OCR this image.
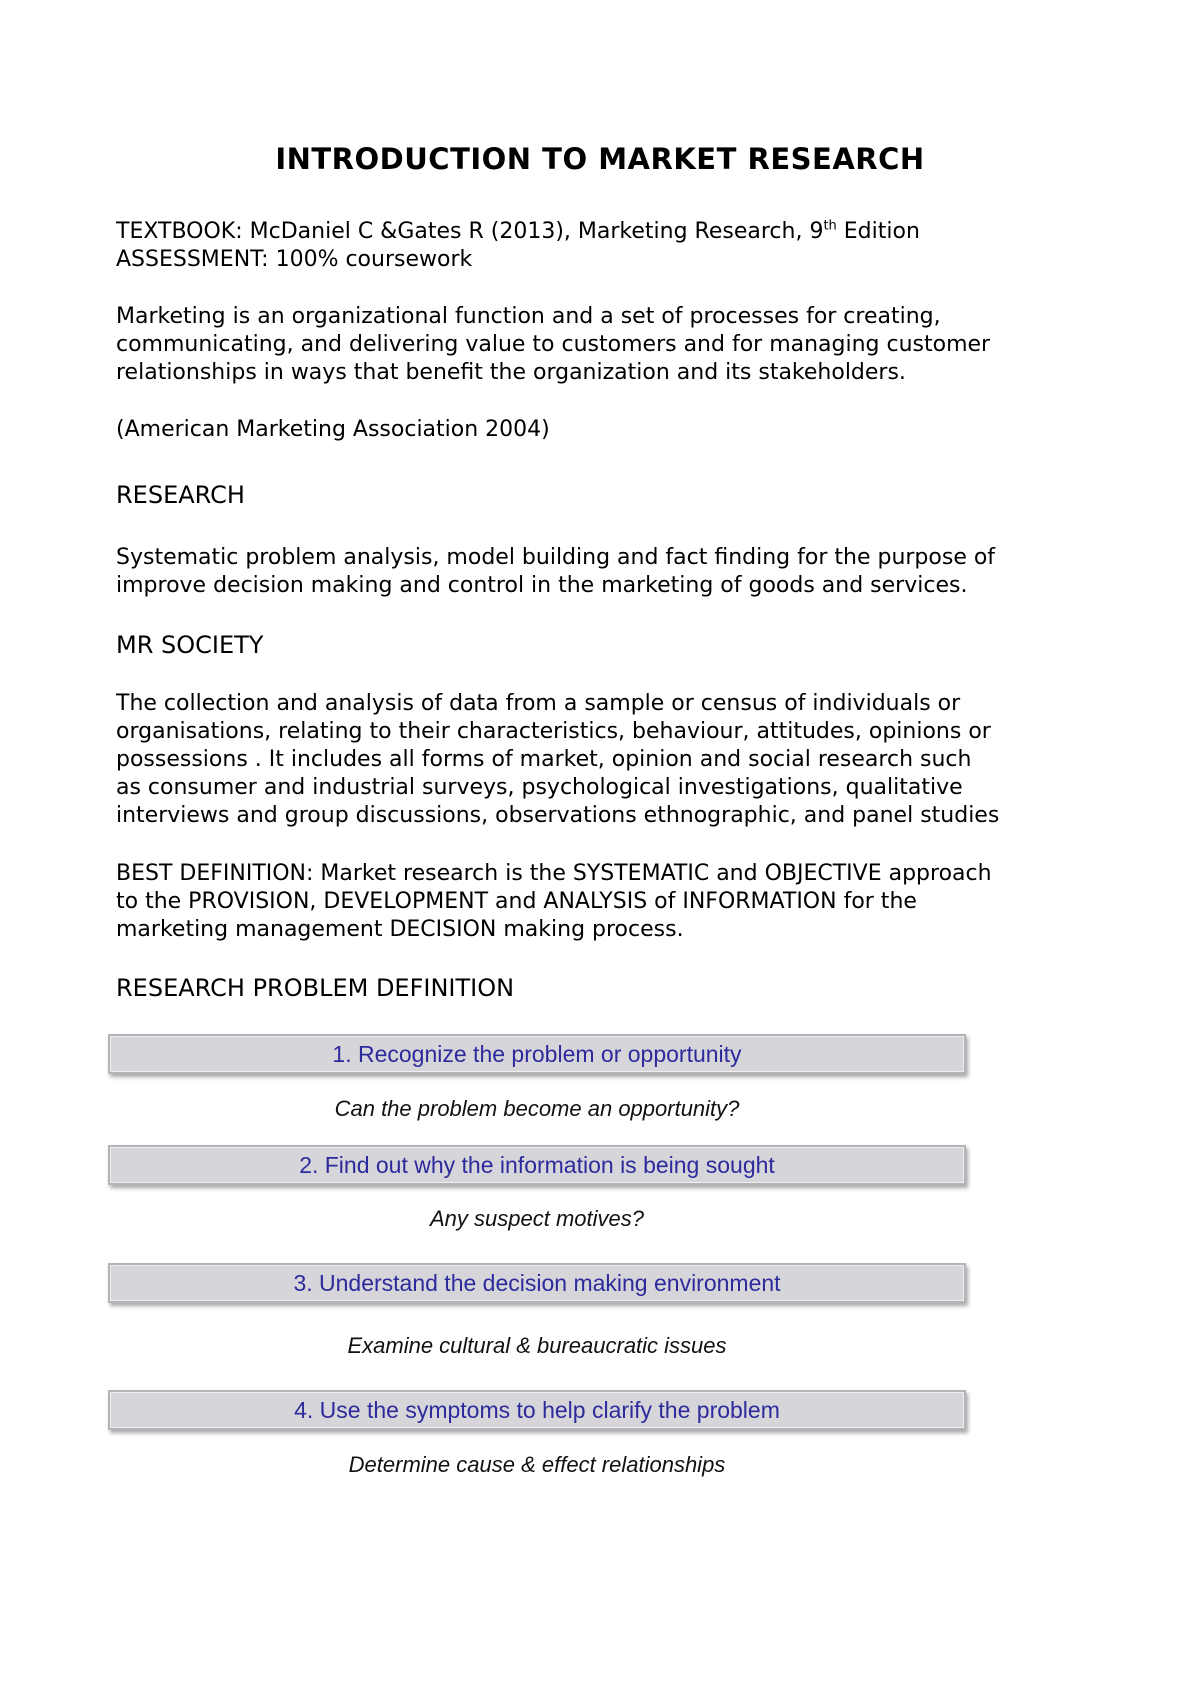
INTRODUCTION TO MARKET RESEARCH

TEXTBOOK: McDaniel C &Gates R (2013), Marketing Research, 9th Edition

ASSESSMENT: 100% coursework

Marketing is an organizational function and a set of processes for creating,
communicating, and delivering value to customers and for managing customer
relationships in ways that benefit the organization and its stakeholders.

(American Marketing Association 2004)

RESEARCH

Systematic problem analysis, model building and fact finding for the purpose of
improve decision making and control in the marketing of goods and services.

MR SOCIETY

The collection and analysis of data from a sample or census of individuals or
organisations, relating to their characteristics, behaviour, attitudes, opinions or
possessions . It includes all forms of market, opinion and social research such
as consumer and industrial surveys, psychological investigations, qualitative
interviews and group discussions, observations ethnographic, and panel studies

BEST DEFINITION: Market research is the SYSTEMATIC and OBJECTIVE approach
to the PROVISION, DEVELOPMENT and ANALYSIS of INFORMATION for the
marketing management DECISION making process.

RESEARCH PROBLEM DEFINITION
1. Recognize the problem or opportunity

Can the problem become an opportunity?

2. Find out why the information is being sought

Any suspect motives?

3. Understand the decision making environment

Examine cultural & bureaucratic issues

4. Use the symptoms to help clarify the problem

Determine cause & effect relationships
